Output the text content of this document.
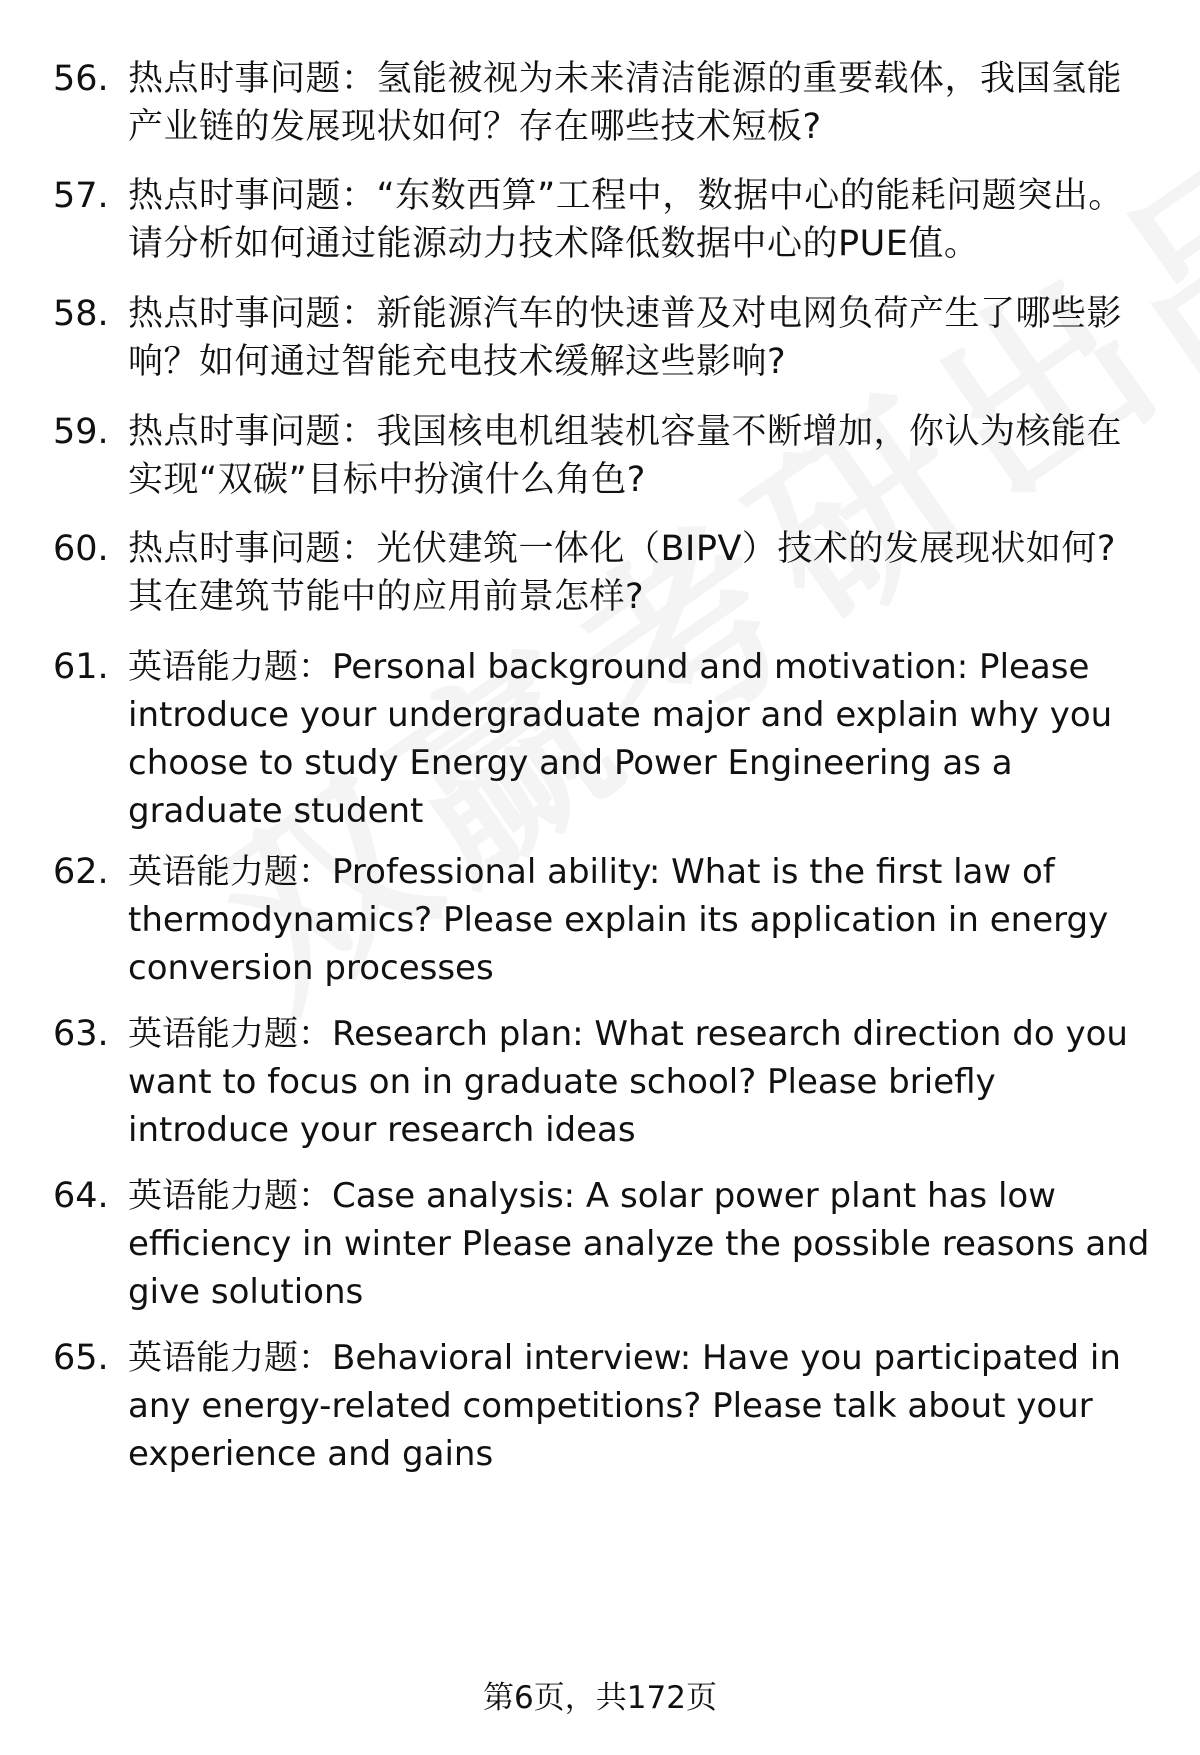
56. 热点时事问题：氢能被视为未来清洁能源的重要载体，我国氢能产业链的发展现状如何？存在哪些技术短板?
57. 热点时事问题：“东数西算”工程中，数据中心的能耗问题突出。请分析如何通过能源动力技术降低数据中心的PUE值。
58. 热点时事问题：新能源汽车的快速普及对电网负荷产生了哪些影响？如何通过智能充电技术缓解这些影响?
59. 热点时事问题：我国核电机组装机容量不断增加，你认为核能在实现“双碳”目标中扮演什么角色?
60. 热点时事问题：光伏建筑一体化（BIPV）技术的发展现状如何?其在建筑节能中的应用前景怎样?
61. 英语能力题：Personal background and motivation: Please introduce your undergraduate major and explain why you choose to study Energy and Power Engineering as a graduate student
62. 英语能力题：Professional ability: What is the first law of thermodynamics? Please explain its application in energy conversion processes
63. 英语能力题：Research plan: What research direction do you want to focus on in graduate school? Please briefly introduce your research ideas
64. 英语能力题：Case analysis: A solar power plant has low efficiency in winter Please analyze the possible reasons and give solutions
65. 英语能力题：Behavioral interview: Have you participated in any energy-related competitions? Please talk about your experience and gains
第6页，共172页
